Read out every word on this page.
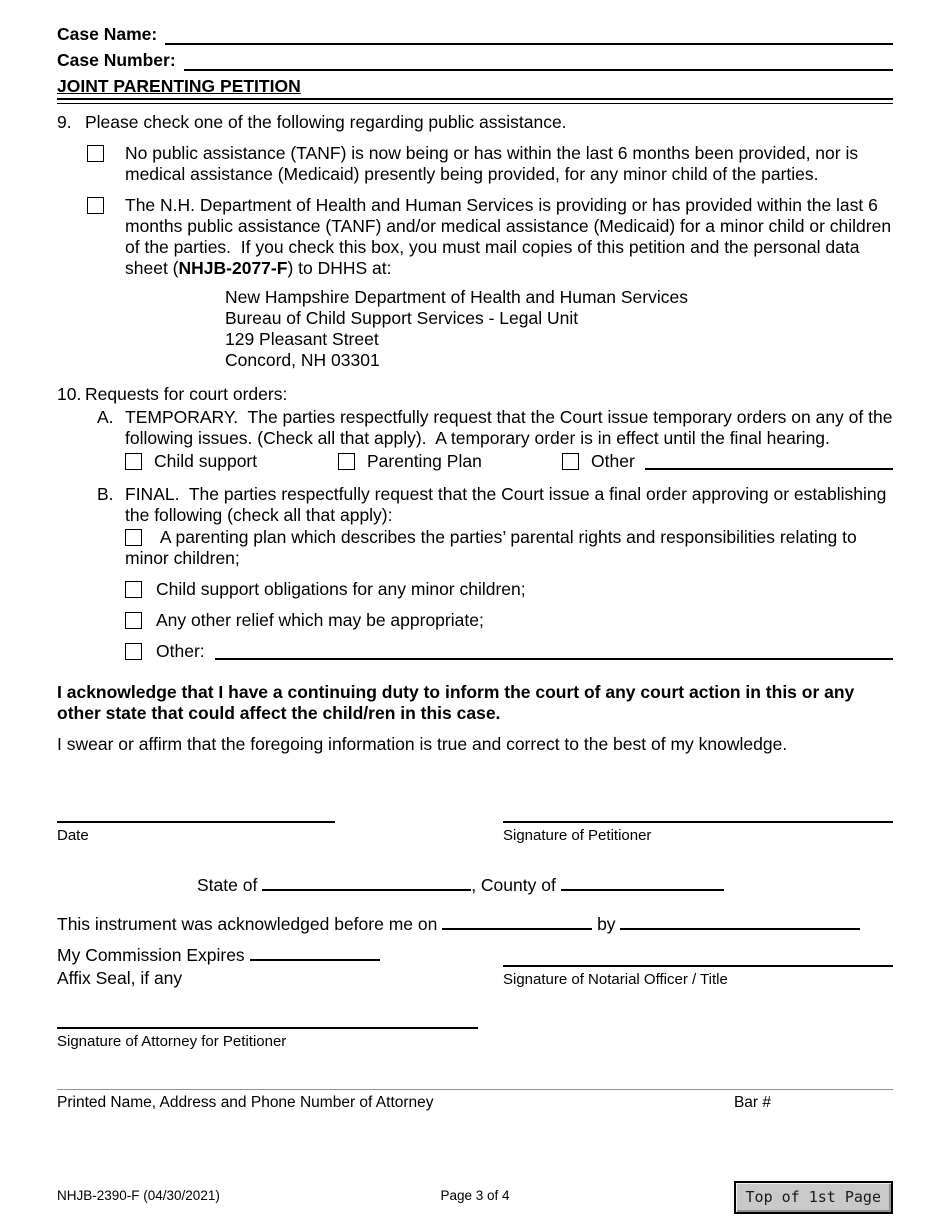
Case Name:
Case Number:
JOINT PARENTING PETITION
9. Please check one of the following regarding public assistance.
No public assistance (TANF) is now being or has within the last 6 months been provided, nor is medical assistance (Medicaid) presently being provided, for any minor child of the parties.
The N.H. Department of Health and Human Services is providing or has provided within the last 6 months public assistance (TANF) and/or medical assistance (Medicaid) for a minor child or children of the parties.  If you check this box, you must mail copies of this petition and the personal data sheet (NHJB-2077-F) to DHHS at:
New Hampshire Department of Health and Human Services
Bureau of Child Support Services - Legal Unit
129 Pleasant Street
Concord, NH 03301
10. Requests for court orders:
A. TEMPORARY.  The parties respectfully request that the Court issue temporary orders on any of the following issues. (Check all that apply).  A temporary order is in effect until the final hearing.
Child support	Parenting Plan	Other
B. FINAL.  The parties respectfully request that the Court issue a final order approving or establishing the following (check all that apply):
A parenting plan which describes the parties’ parental rights and responsibilities relating to minor children;
Child support obligations for any minor children;
Any other relief which may be appropriate;
Other:
I acknowledge that I have a continuing duty to inform the court of any court action in this or any other state that could affect the child/ren in this case.
I swear or affirm that the foregoing information is true and correct to the best of my knowledge.
Date	Signature of Petitioner
State of	, County of
This instrument was acknowledged before me on	by
My Commission Expires
Affix Seal, if any	Signature of Notarial Officer / Title
Signature of Attorney for Petitioner
Printed Name, Address and Phone Number of Attorney	Bar #
NHJB-2390-F (04/30/2021)	Page 3 of 4	Top of 1st Page
